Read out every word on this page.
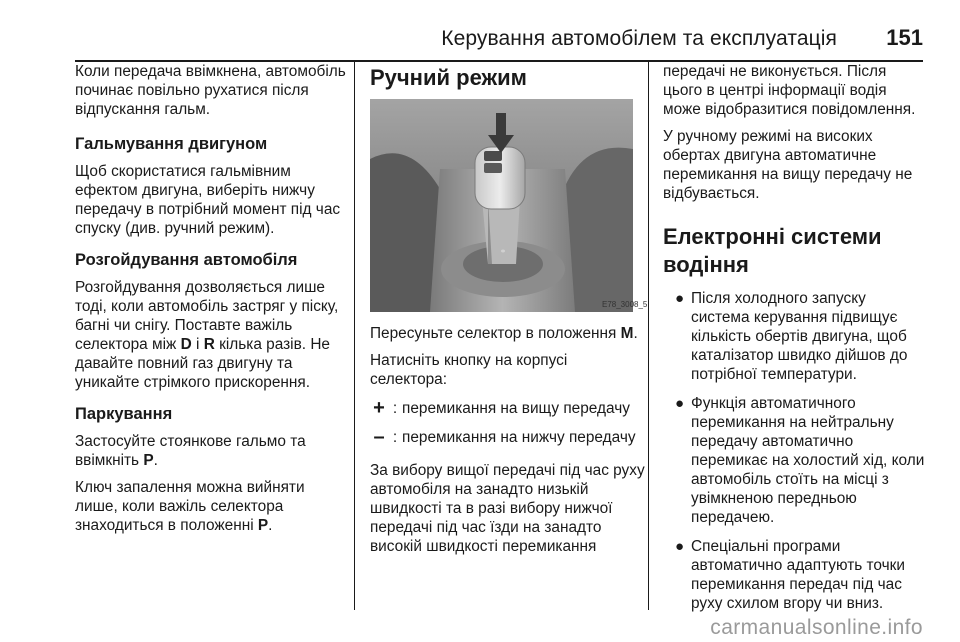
Керування автомобілем та експлуатація 151

Коли передача ввімкнена, автомобіль починає повільно рухатися після відпускання гальм.

Гальмування двигуном

Щоб скористатися гальмівним ефектом двигуна, виберіть нижчу передачу в потрібний момент під час спуску (див. ручний режим).

Розгойдування автомобіля

Розгойдування дозволяється лише тоді, коли автомобіль застряг у піску, багні чи снігу. Поставте важіль селектора між D і R кілька разів. Не давайте повний газ двигуну та уникайте стрімкого прискорення.

Паркування

Застосуйте стоянкове гальмо та ввімкніть P.

Ключ запалення можна вийняти лише, коли важіль селектора знаходиться в положенні P.

Ручний режим
E78_3008_5

Пересуньте селектор в положення M.

Натисніть кнопку на корпусі селектора:

+ : перемикання на вищу передачу
– : перемикання на нижчу передачу

За вибору вищої передачі під час руху автомобіля на занадто низькій швидкості та в разі вибору нижчої передачі під час їзди на занадто високій швидкості перемикання

передачі не виконується. Після цього в центрі інформації водія може відобразитися повідомлення.

У ручному режимі на високих обертах двигуна автоматичне перемикання на вищу передачу не відбувається.

Електронні системи водіння
● Після холодного запуску система керування підвищує кількість обертів двигуна, щоб каталізатор швидко дійшов до потрібної температури.
● Функція автоматичного перемикання на нейтральну передачу автоматично перемикає на холостий хід, коли автомобіль стоїть на місці з увімкненою передньою передачею.
● Спеціальні програми автоматично адаптують точки перемикання передач під час руху схилом вгору чи вниз.
carmanualsonline.info
